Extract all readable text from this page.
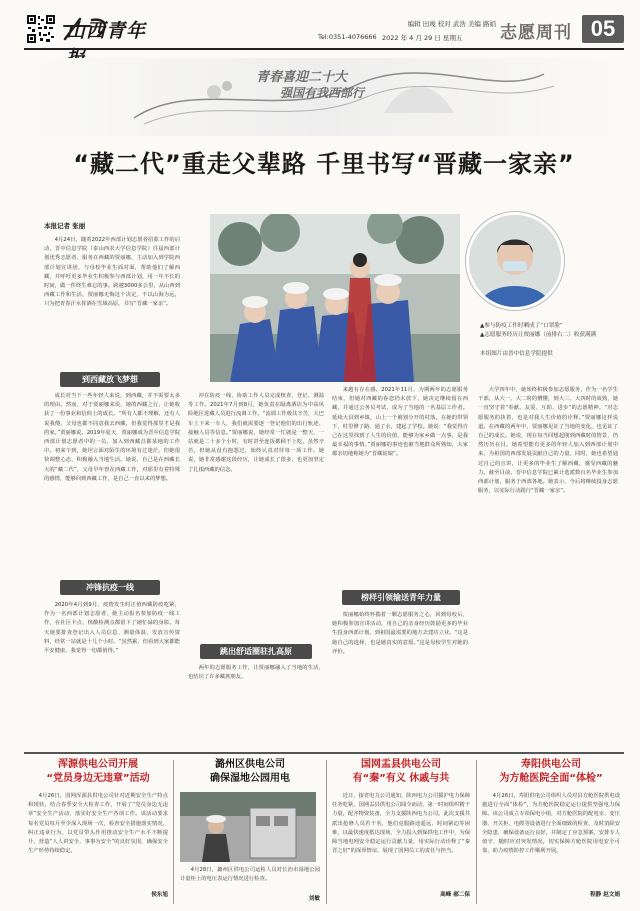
山西青年	编辑 田竣 校对 武浩 美编 路娟
Tel:0351-4076666 2022 年 4 月 29 日 星期五 志愿周刊 05
青春喜迎二十大
强国有我西部行
“藏二代”重走父辈路 千里书写“晋藏一家亲”
本报记者 张丽

4月24日，随着2022年西部计划志愿者招募工作的启动，晋中信息学院（泰山西农大学信息学院）往届西部计划优秀志愿者、服务在西藏的贾丽娜，主动加入到学院西部计划宣讲团，与母校毕业生面对面，帮助他们了解西藏，并呼吁更多毕业生积极参与西部计划，用一年不长的时间，做一件终生难忘的事。跨越3000多公里，从山西到西藏工作和生活，贾丽娜无悔这个决定，不以山海为远，只为把青春汗水挥洒在雪域高原，书写“晋藏一家亲”。

▲参与防疫工作时晒成了“口罩脸”
▲志愿服务经历让贾丽娜（前排右二）收获满满
本组图片由晋中信息学院提供
到西藏放飞梦想

成长对当下一些年轻人来说，到西藏，并不需要太多的理由。然而，对于贾丽娜来说，她的西藏之行，让她收获了一份事业和信仰上的成长。“所有人都不理解，还有人说我傻，父母也都不同意我去西藏，但我觉得那里才是我的家。”贾丽娜说。2019年夏天，贾丽娜成为晋中信息学院西部计划志愿者中的一员，加入到西藏昌都某地的工作中。初来乍到，她坦言面对陌生的环境有过迷茫，但她很快调整心态，积极融入当地生活。她说，自己是在西藏长大的“藏二代”，父母早年曾在西藏工作，对那里有着特殊的感情，能够回到西藏工作，是自己一直以来的梦想。

冲锋抗疫一线

2020年4月到9月，疫情发生时正值西藏防疫吃紧，作为一名西部计划志愿者，她主动报名参加防疫一线工作，在社区卡点、核酸检测点都留下了她忙碌的身影。每天她要排查登记出入人员信息、测量体温、发放宣传资料，经常一站就是十几个小时。“虽然累，但看到大家都能平安健康，我觉得一切都值得。”

冲在防疫一线，协助工作人员完成核查、登记、测温等工作。2021年7月到8月，她负责在隔离酒店为中高风险地区进藏人员进行流调工作。“流调工作极其辛苦，大巴车上下来一车人，我们就需要逐一登记他们的出行轨迹、接触人员等信息。”贾丽娜说，她经常一忙就是一整天，一站就是二十多个小时，有时甚至连饭都顾不上吃。虽然辛苦，但她从没有抱怨过，始终认真对待每一项工作。她说，她非常感谢这段经历，让她成长了很多，也更加坚定了扎根西藏的信念。

跳出舒适圈驻扎高原

两年的志愿服务工作，让贾丽娜融入了当地的生活，也结识了许多藏族朋友。

来越有存在感。2021年11月，为期两年的志愿服务结束，但她对西藏的眷恋仍未放下，她决定继续留在西藏，并通过公务员考试，成为了当地的一名基层工作者。延续大县到乡镇，山上一个被划分开的村落。在她的带领下，村里修了路，通了水，建起了学校。她说：“我觉得自己在这里找到了人生的价值，能够为家乡做一点事，是我最幸福的事情。”贾丽娜的事迹也被当地群众所熟知，大家都亲切地称她为“晋藏姑娘”。

榜样引领输送青年力量

贾丽娜始终怀揣着一颗志愿服务之心，回到母校后，她积极参加宣讲活动，用自己的亲身经历鼓励更多的毕业生投身西部计划，到祖国最需要的地方去建功立业。“这是她自己的选择，也是她真实的意愿。”这是母校学生对她的评价。

大学四年中，她始终积极参加志愿服务，作为一名学生干部，从大一、大二时的懵懂，到大三、大四时的成熟，她一直坚守着“奉献、友爱、互助、进步”的志愿精神。“对志愿服务的执着，也是对我人生价值的诠释。”贾丽娜这样说道。在西藏的两年中，贾丽娜见证了当地的变化，也见证了自己的成长。她说，现在每当回想起刚到西藏时的情景，仍然历历在目。她希望能有更多的年轻人加入到西部计划中来，为祖国的西部发展贡献自己的力量。同时，她也希望通过自己的宣讲，让更多的毕业生了解西藏，感受西藏的魅力。截至目前，晋中信息学院已累计选派数百名毕业生参加西部计划，服务于西部各地。她表示，今后将继续投身志愿服务，以实际行动践行“晋藏一家亲”。

浑源供电公司开展
“党员身边无违章”活动

4月26日，国网浑源县供电公司针对近期安全生产特点和现状，结合春季安全大检查工作，开展了“党员身边无违章”安全生产活动，落实好安全生产各项工作。该活动要求每名党员每月至少深入现场一次，检查安全措施落实情况，纠正违章行为，以党员带头作用推动安全生产水平不断提升，营造“人人讲安全、事事为安全”的良好氛围，确保安全生产形势持续稳定。

侯东旭
潞州区供电公司
确保湿地公园用电

4月28日，潞州区供电公司运检人员对长治市湿地公园计量柜上的电压表运行情况进行检查。

刘敏
国网盂县供电公司
有“秦”有义 休戚与共

近日，接省电力公司通知，陕西电力公司援沪电力保障任务吃紧，国网盂县供电公司闻令而动，第一时间组织精干力量，配齐物资装备，全力支援陕西电力公司。此次支援共派出抢修人员若干名，他们克服路途遥远、时间紧迫等困难，以最快速度抵达现场，全力投入到保供电工作中，为保障当地电网安全稳定运行贡献力量，用实际行动诠释了“秦晋之好”的深厚情谊，展现了国网员工的责任与担当。

高峰 郝二保
寿阳供电公司
为方舱医院全面“体检”

4月26日，寿阳供电公司组织人员对县方舱医院供电设施进行全面“体检”，为方舱医院稳定运行提供坚强电力保障。该公司成立专项保电小组，对方舱医院的配电室、变压器、开关柜、电缆等设备进行全面细致的检查，及时消除安全隐患，确保设备运行良好，并制定了应急预案，安排专人值守，随时应对突发情况，切实保障方舱医院用电安全可靠，助力疫情防控工作顺利开展。

程静 赵文娟
